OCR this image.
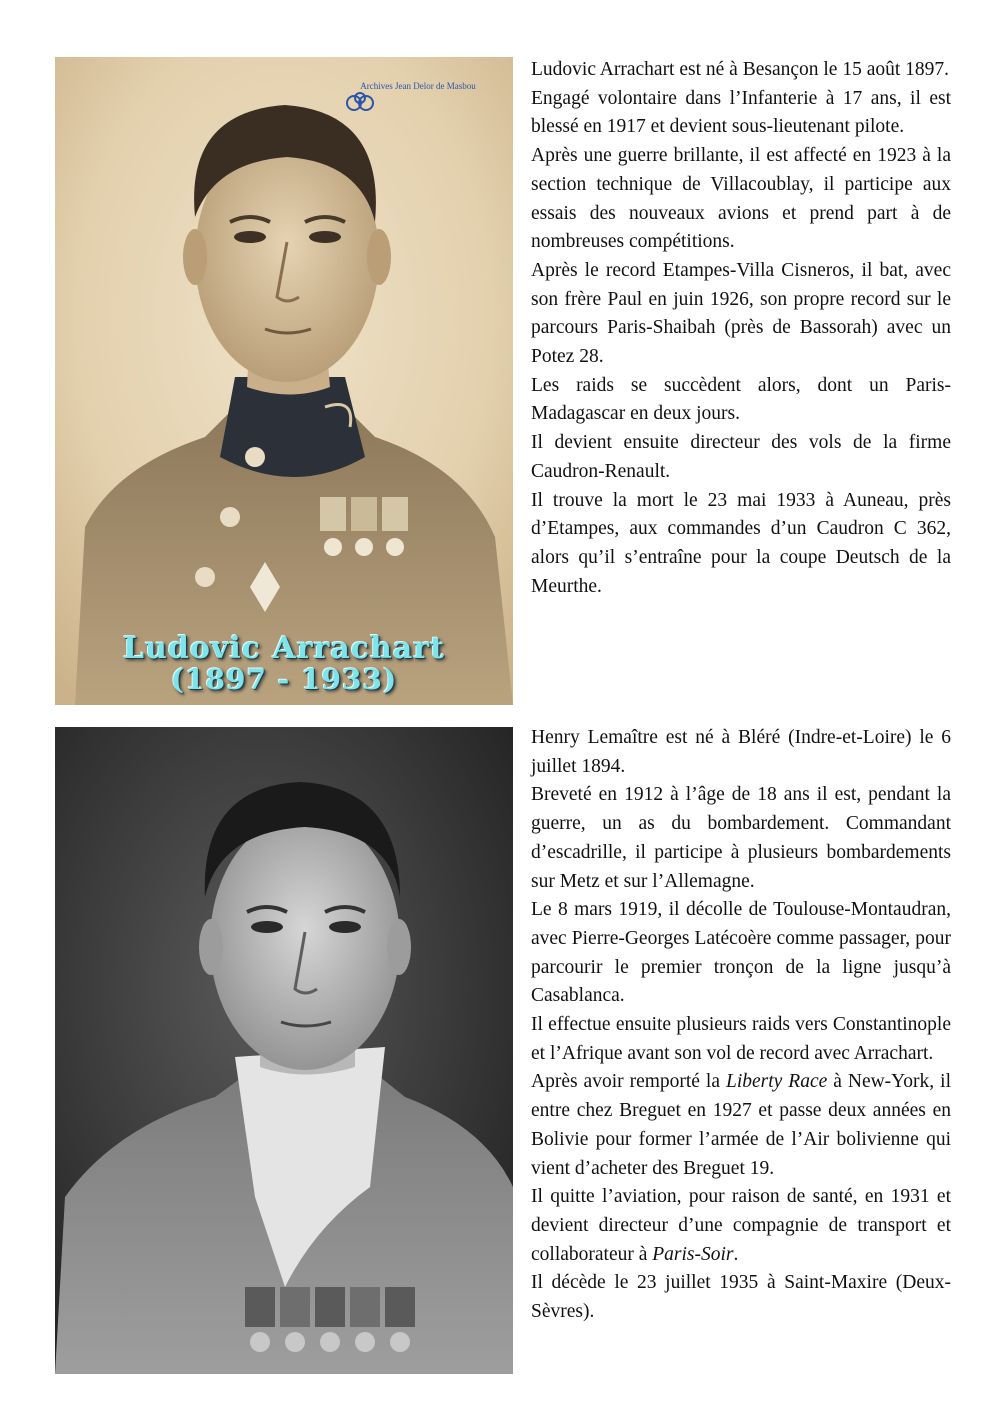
Archives Jean Delor de Masbou
Ludovic Arrachart
(1897 - 1933)

Ludovic Arrachart est né à Besançon le 15 août 1897.

Engagé volontaire dans l’Infanterie à 17 ans, il est blessé en 1917 et devient sous-lieutenant pilote.

Après une guerre brillante, il est affecté en 1923 à la section technique de Villacoublay, il participe aux essais des nouveaux avions et prend part à de nombreuses compétitions.

Après le record Etampes-Villa Cisneros, il bat, avec son frère Paul en juin 1926, son propre record sur le parcours Paris-Shaibah (près de Bassorah) avec un Potez 28.

Les raids se succèdent alors, dont un Paris-Madagascar en deux jours.

Il devient ensuite directeur des vols de la firme Caudron-Renault.

Il trouve la mort le 23 mai 1933 à Auneau, près d’Etampes, aux commandes d’un Caudron C 362, alors qu’il s’entraîne pour la coupe Deutsch de la Meurthe.

Henry Lemaître est né à Bléré (Indre-et-Loire) le 6 juillet 1894.

Breveté en 1912 à l’âge de 18 ans il est, pendant la guerre, un as du bombardement. Commandant d’escadrille, il participe à plusieurs bombardements sur Metz et sur l’Allemagne.

Le 8 mars 1919, il décolle de Toulouse-Montaudran, avec Pierre-Georges Latécoère comme passager, pour parcourir le premier tronçon de la ligne jusqu’à Casablanca.

Il effectue ensuite plusieurs raids vers Constantinople et l’Afrique avant son vol de record avec Arrachart.

Après avoir remporté la Liberty Race à New-York, il entre chez Breguet en 1927 et passe deux années en Bolivie pour former l’armée de l’Air bolivienne qui vient d’acheter des Breguet 19.

Il quitte l’aviation, pour raison de santé, en 1931 et devient directeur d’une compagnie de transport et collaborateur à Paris-Soir.

Il décède le 23 juillet 1935 à Saint-Maxire (Deux-Sèvres).
